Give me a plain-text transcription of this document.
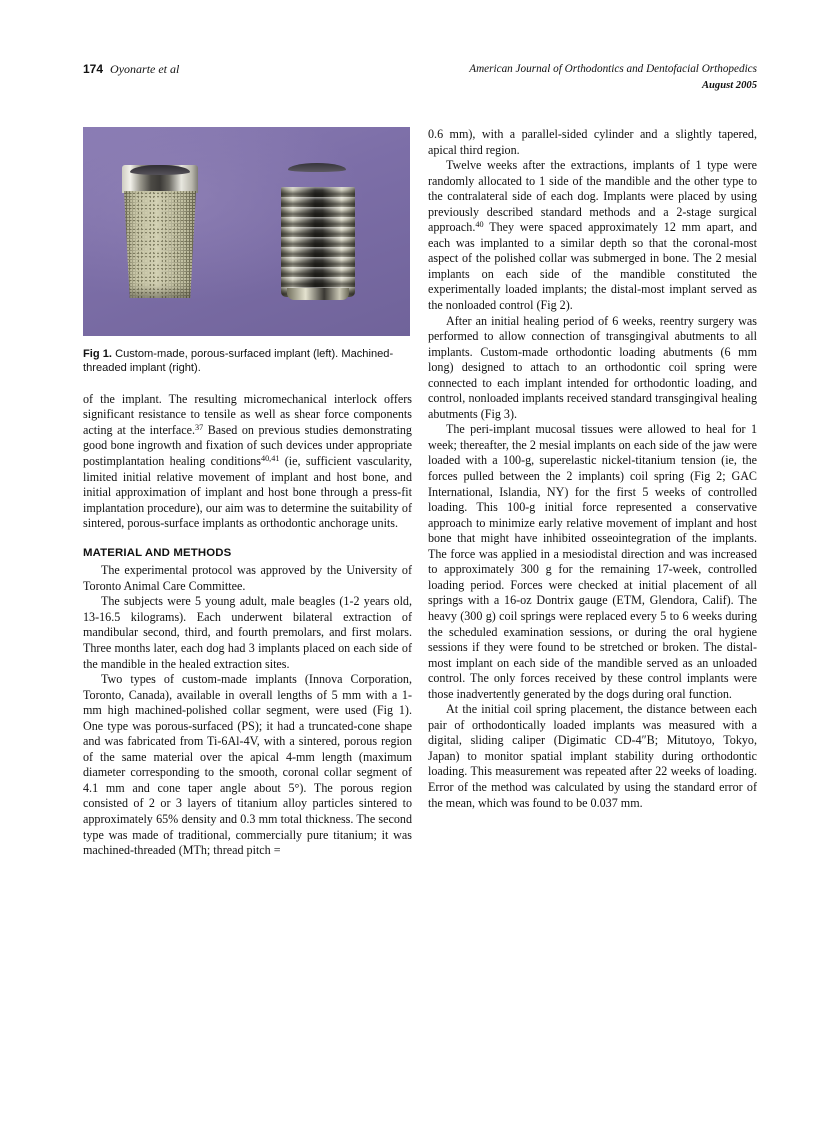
174 Oyonarte et al	American Journal of Orthodontics and Dentofacial Orthopedics
August 2005
Fig 1. Custom-made, porous-surfaced implant (left). Machined-threaded implant (right).

of the implant. The resulting micromechanical interlock offers significant resistance to tensile as well as shear force components acting at the interface.$^{37}$ Based on previous studies demonstrating good bone ingrowth and fixation of such devices under appropriate postimplantation healing conditions$^{40,41}$ (ie, sufficient vascularity, limited initial relative movement of implant and host bone, and initial approximation of implant and host bone through a press-fit implantation procedure), our aim was to determine the suitability of sintered, porous-surface implants as orthodontic anchorage units.

MATERIAL AND METHODS

The experimental protocol was approved by the University of Toronto Animal Care Committee.

The subjects were 5 young adult, male beagles (1-2 years old, 13-16.5 kilograms). Each underwent bilateral extraction of mandibular second, third, and fourth premolars, and first molars. Three months later, each dog had 3 implants placed on each side of the mandible in the healed extraction sites.

Two types of custom-made implants (Innova Corporation, Toronto, Canada), available in overall lengths of 5 mm with a 1-mm high machined-polished collar segment, were used (Fig 1). One type was porous-surfaced (PS); it had a truncated-cone shape and was fabricated from Ti-6Al-4V, with a sintered, porous region of the same material over the apical 4-mm length (maximum diameter corresponding to the smooth, coronal collar segment of 4.1 mm and cone taper angle about 5°). The porous region consisted of 2 or 3 layers of titanium alloy particles sintered to approximately 65% density and 0.3 mm total thickness. The second type was made of traditional, commercially pure titanium; it was machined-threaded (MTh; thread pitch =

0.6 mm), with a parallel-sided cylinder and a slightly tapered, apical third region.

Twelve weeks after the extractions, implants of 1 type were randomly allocated to 1 side of the mandible and the other type to the contralateral side of each dog. Implants were placed by using previously described standard methods and a 2-stage surgical approach.$^{40}$ They were spaced approximately 12 mm apart, and each was implanted to a similar depth so that the coronal-most aspect of the polished collar was submerged in bone. The 2 mesial implants on each side of the mandible constituted the experimentally loaded implants; the distal-most implant served as the nonloaded control (Fig 2).

After an initial healing period of 6 weeks, reentry surgery was performed to allow connection of transgingival abutments to all implants. Custom-made orthodontic loading abutments (6 mm long) designed to attach to an orthodontic coil spring were connected to each implant intended for orthodontic loading, and control, nonloaded implants received standard transgingival healing abutments (Fig 3).

The peri-implant mucosal tissues were allowed to heal for 1 week; thereafter, the 2 mesial implants on each side of the jaw were loaded with a 100-g, superelastic nickel-titanium tension (ie, the forces pulled between the 2 implants) coil spring (Fig 2; GAC International, Islandia, NY) for the first 5 weeks of controlled loading. This 100-g initial force represented a conservative approach to minimize early relative movement of implant and host bone that might have inhibited osseointegration of the implants. The force was applied in a mesiodistal direction and was increased to approximately 300 g for the remaining 17-week, controlled loading period. Forces were checked at initial placement of all springs with a 16-oz Dontrix gauge (ETM, Glendora, Calif). The heavy (300 g) coil springs were replaced every 5 to 6 weeks during the scheduled examination sessions, or during the oral hygiene sessions if they were found to be stretched or broken. The distal-most implant on each side of the mandible served as an unloaded control. The only forces received by these control implants were those inadvertently generated by the dogs during oral function.

At the initial coil spring placement, the distance between each pair of orthodontically loaded implants was measured with a digital, sliding caliper (Digimatic CD-4″B; Mitutoyo, Tokyo, Japan) to monitor spatial implant stability during orthodontic loading. This measurement was repeated after 22 weeks of loading. Error of the method was calculated by using the standard error of the mean, which was found to be 0.037 mm.
